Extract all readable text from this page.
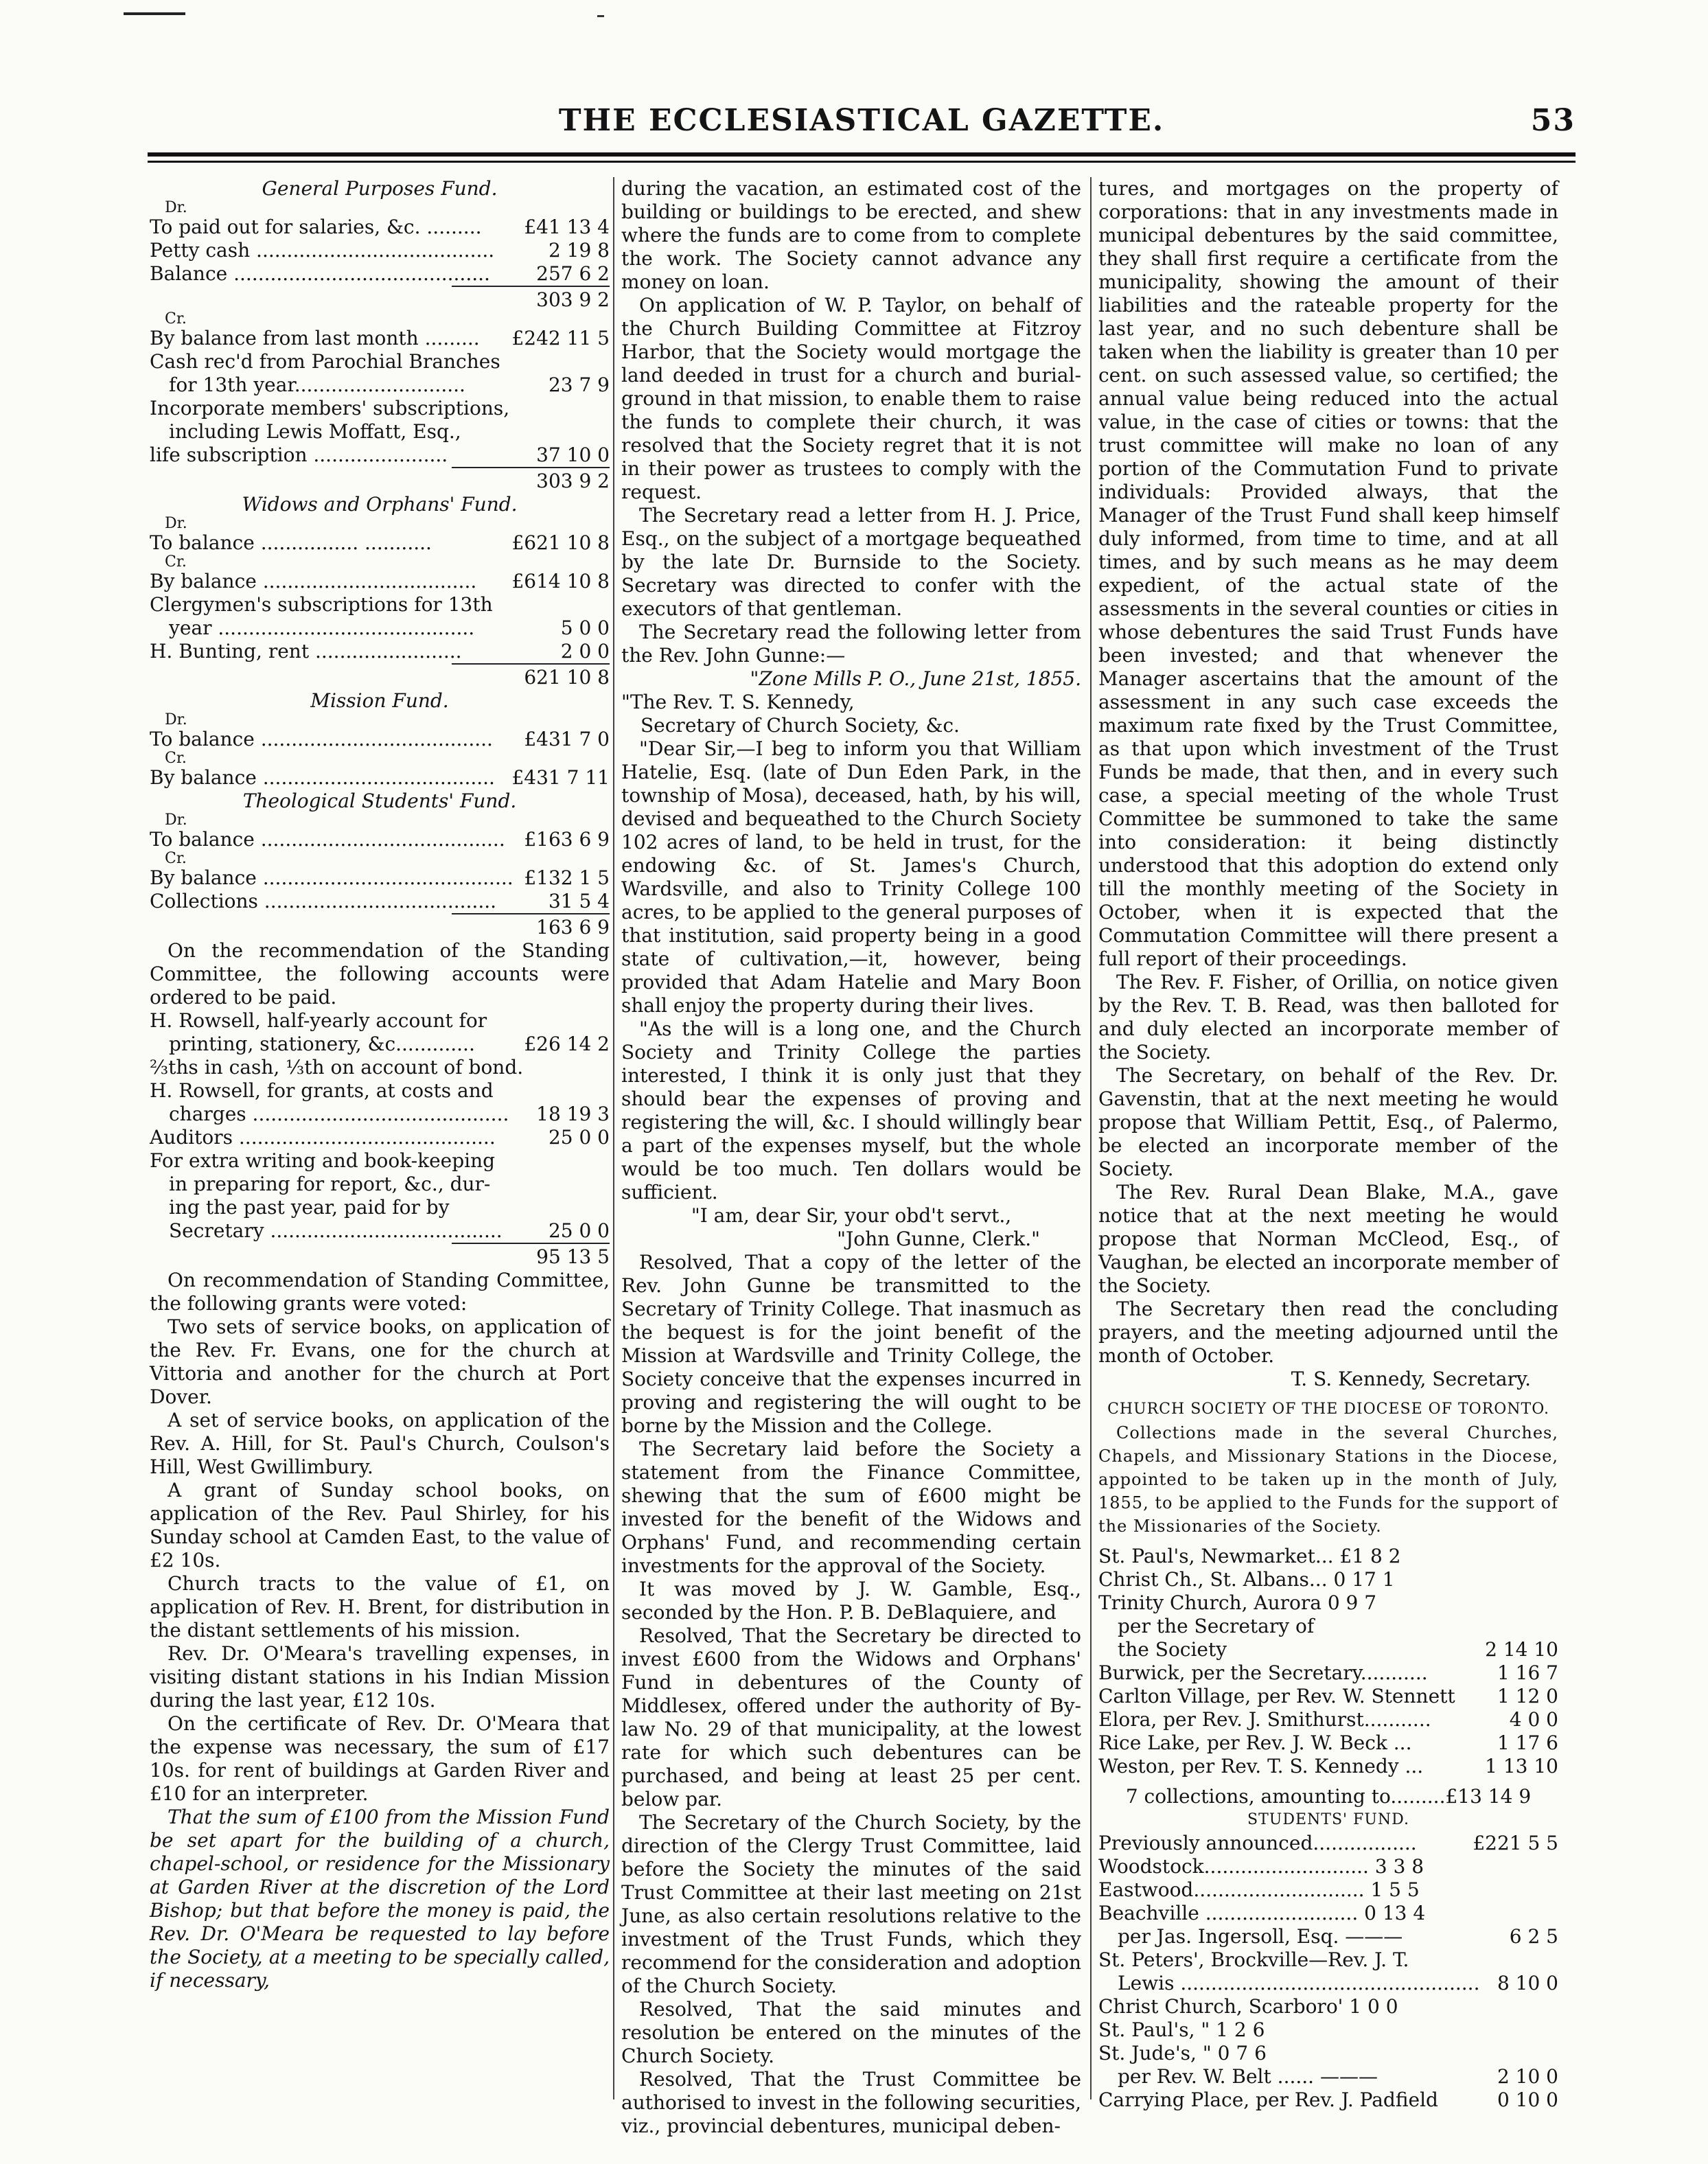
THE ECCLESIASTICAL GAZETTE.	53
General Purposes Fund.
Dr.
To paid out for salaries, &c. ......... £41 13 4
Petty cash .......................................	2 19 8
Balance .......................................... 257 6 2
303 9 2
Cr.
By balance from last month ......... £242 11 5
Cash rec'd from Parochial Branches
for 13th year............................	23 7 9
Incorporate members' subscriptions,
including Lewis Moffatt, Esq.,
life subscription ......................	37 10 0
303 9 2
Widows and Orphans' Fund.
Dr.
To balance ................ ...........	£621 10 8
Cr.
By balance ................................... £614 10 8
Clergymen's subscriptions for 13th
year ..........................................	5 0 0
H. Bunting, rent ........................	2 0 0
621 10 8
Mission Fund.
Dr.
To balance ...................................... £431 7 0
Cr.
By balance ...................................... £431 7 11
Theological Students' Fund.
Dr.
To balance ........................................ £163 6 9
Cr.
By balance ......................................... £132 1 5
Collections ......................................	31 5 4
163 6 9

On the recommendation of the Standing Committee, the following accounts were ordered to be paid.

H. Rowsell, half-yearly account for
printing, stationery, &c.............	£26 14 2
⅔ths in cash, ⅓th on account of bond.
H. Rowsell, for grants, at costs and
charges .......................................... 18 19 3
Auditors ..........................................	25 0 0
For extra writing and book-keeping
in preparing for report, &c., dur-
ing the past year, paid for by
Secretary ...................................... 25 0 0
95 13 5

On recommendation of Standing Committee, the following grants were voted:

Two sets of service books, on application of the Rev. Fr. Evans, one for the church at Vittoria and another for the church at Port Dover.

A set of service books, on application of the Rev. A. Hill, for St. Paul's Church, Coulson's Hill, West Gwillimbury.

A grant of Sunday school books, on application of the Rev. Paul Shirley, for his Sunday school at Camden East, to the value of £2 10s.

Church tracts to the value of £1, on application of Rev. H. Brent, for distribution in the distant settlements of his mission.

Rev. Dr. O'Meara's travelling expenses, in visiting distant stations in his Indian Mission during the last year, £12 10s.

On the certificate of Rev. Dr. O'Meara that the expense was necessary, the sum of £17 10s. for rent of buildings at Garden River and £10 for an interpreter.

That the sum of £100 from the Mission Fund be set apart for the building of a church, chapel-school, or residence for the Missionary at Garden River at the discretion of the Lord Bishop; but that before the money is paid, the Rev. Dr. O'Meara be requested to lay before the Society, at a meeting to be specially called, if necessary,

during the vacation, an estimated cost of the building or buildings to be erected, and shew where the funds are to come from to complete the work. The Society cannot advance any money on loan.

On application of W. P. Taylor, on behalf of the Church Building Committee at Fitzroy Harbor, that the Society would mortgage the land deeded in trust for a church and burial-ground in that mission, to enable them to raise the funds to complete their church, it was resolved that the Society regret that it is not in their power as trustees to comply with the request.

The Secretary read a letter from H. J. Price, Esq., on the subject of a mortgage bequeathed by the late Dr. Burnside to the Society. Secretary was directed to confer with the executors of that gentleman.

The Secretary read the following letter from the Rev. John Gunne:—

"Zone Mills P. O., June 21st, 1855.
"The Rev. T. S. Kennedy,
Secretary of Church Society, &c.

"Dear Sir,—I beg to inform you that William Hatelie, Esq. (late of Dun Eden Park, in the township of Mosa), deceased, hath, by his will, devised and bequeathed to the Church Society 102 acres of land, to be held in trust, for the endowing &c. of St. James's Church, Wardsville, and also to Trinity College 100 acres, to be applied to the general purposes of that institution, said property being in a good state of cultivation,—it, however, being provided that Adam Hatelie and Mary Boon shall enjoy the property during their lives.

"As the will is a long one, and the Church Society and Trinity College the parties interested, I think it is only just that they should bear the expenses of proving and registering the will, &c. I should willingly bear a part of the expenses myself, but the whole would be too much. Ten dollars would be sufficient.

"I am, dear Sir, your obd't servt.,
"John Gunne, Clerk."

Resolved, That a copy of the letter of the Rev. John Gunne be transmitted to the Secretary of Trinity College. That inasmuch as the bequest is for the joint benefit of the Mission at Wardsville and Trinity College, the Society conceive that the expenses incurred in proving and registering the will ought to be borne by the Mission and the College.

The Secretary laid before the Society a statement from the Finance Committee, shewing that the sum of £600 might be invested for the benefit of the Widows and Orphans' Fund, and recommending certain investments for the approval of the Society.

It was moved by J. W. Gamble, Esq., seconded by the Hon. P. B. DeBlaquiere, and

Resolved, That the Secretary be directed to invest £600 from the Widows and Orphans' Fund in debentures of the County of Middlesex, offered under the authority of By-law No. 29 of that municipality, at the lowest rate for which such debentures can be purchased, and being at least 25 per cent. below par.

The Secretary of the Church Society, by the direction of the Clergy Trust Committee, laid before the Society the minutes of the said Trust Committee at their last meeting on 21st June, as also certain resolutions relative to the investment of the Trust Funds, which they recommend for the consideration and adoption of the Church Society.

Resolved, That the said minutes and resolution be entered on the minutes of the Church Society.

Resolved, That the Trust Committee be authorised to invest in the following securities, viz., provincial debentures, municipal deben-

tures, and mortgages on the property of corporations: that in any investments made in municipal debentures by the said committee, they shall first require a certificate from the municipality, showing the amount of their liabilities and the rateable property for the last year, and no such debenture shall be taken when the liability is greater than 10 per cent. on such assessed value, so certified; the annual value being reduced into the actual value, in the case of cities or towns: that the trust committee will make no loan of any portion of the Commutation Fund to private individuals: Provided always, that the Manager of the Trust Fund shall keep himself duly informed, from time to time, and at all times, and by such means as he may deem expedient, of the actual state of the assessments in the several counties or cities in whose debentures the said Trust Funds have been invested; and that whenever the Manager ascertains that the amount of the assessment in any such case exceeds the maximum rate fixed by the Trust Committee, as that upon which investment of the Trust Funds be made, that then, and in every such case, a special meeting of the whole Trust Committee be summoned to take the same into consideration: it being distinctly understood that this adoption do extend only till the monthly meeting of the Society in October, when it is expected that the Commutation Committee will there present a full report of their proceedings.

The Rev. F. Fisher, of Orillia, on notice given by the Rev. T. B. Read, was then balloted for and duly elected an incorporate member of the Society.

The Secretary, on behalf of the Rev. Dr. Gavenstin, that at the next meeting he would propose that William Pettit, Esq., of Palermo, be elected an incorporate member of the Society.

The Rev. Rural Dean Blake, M.A., gave notice that at the next meeting he would propose that Norman McCleod, Esq., of Vaughan, be elected an incorporate member of the Society.

The Secretary then read the concluding prayers, and the meeting adjourned until the month of October.

T. S. Kennedy, Secretary.
CHURCH SOCIETY OF THE DIOCESE OF TORONTO.

Collections made in the several Churches, Chapels, and Missionary Stations in the Diocese, appointed to be taken up in the month of July, 1855, to be applied to the Funds for the support of the Missionaries of the Society.

St. Paul's, Newmarket... £1 8 2
Christ Ch., St. Albans... 0 17 1
Trinity Church, Aurora 0 9 7
per the Secretary of
the Society	2 14 10
Burwick, per the Secretary...........	1 16 7
Carlton Village, per Rev. W. Stennett 1 12 0
Elora, per Rev. J. Smithurst...........	4 0 0
Rice Lake, per Rev. J. W. Beck ...	1 17 6
Weston, per Rev. T. S. Kennedy ...	1 13 10
7 collections, amounting to.........£13 14 9
STUDENTS' FUND.
Previously announced.................	£221 5 5
Woodstock........................... 3 3 8
Eastwood............................ 1 5 5
Beachville ......................... 0 13 4
per Jas. Ingersoll, Esq. ———	6 2 5
St. Peters', Brockville—Rev. J. T.
Lewis ................................................. 8 10 0
Christ Church, Scarboro' 1 0 0
St. Paul's, " 1 2 6
St. Jude's, " 0 7 6
per Rev. W. Belt ...... ———	2 10 0
Carrying Place, per Rev. J. Padfield	0 10 0
